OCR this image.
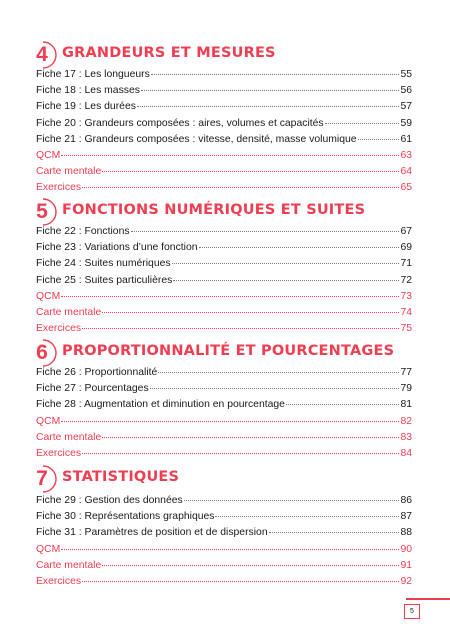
4 GRANDEURS ET MESURES
Fiche 17 : Les longueurs	55
Fiche 18 : Les masses	56
Fiche 19 : Les durées	57
Fiche 20 : Grandeurs composées : aires, volumes et capacités	59
Fiche 21 : Grandeurs composées : vitesse, densité, masse volumique	61
QCM	63
Carte mentale	64
Exercices	65
5 FONCTIONS NUMÉRIQUES ET SUITES
Fiche 22 : Fonctions	67
Fiche 23 : Variations d’une fonction	69
Fiche 24 : Suites numériques	71
Fiche 25 : Suites particulières	72
QCM	73
Carte mentale	74
Exercices	75
6 PROPORTIONNALITÉ ET POURCENTAGES
Fiche 26 : Proportionnalité	77
Fiche 27 : Pourcentages	79
Fiche 28 : Augmentation et diminution en pourcentage	81
QCM	82
Carte mentale	83
Exercices	84
7 STATISTIQUES
Fiche 29 : Gestion des données	86
Fiche 30 : Représentations graphiques	87
Fiche 31 : Paramètres de position et de dispersion	88
QCM	90
Carte mentale	91
Exercices	92
5
